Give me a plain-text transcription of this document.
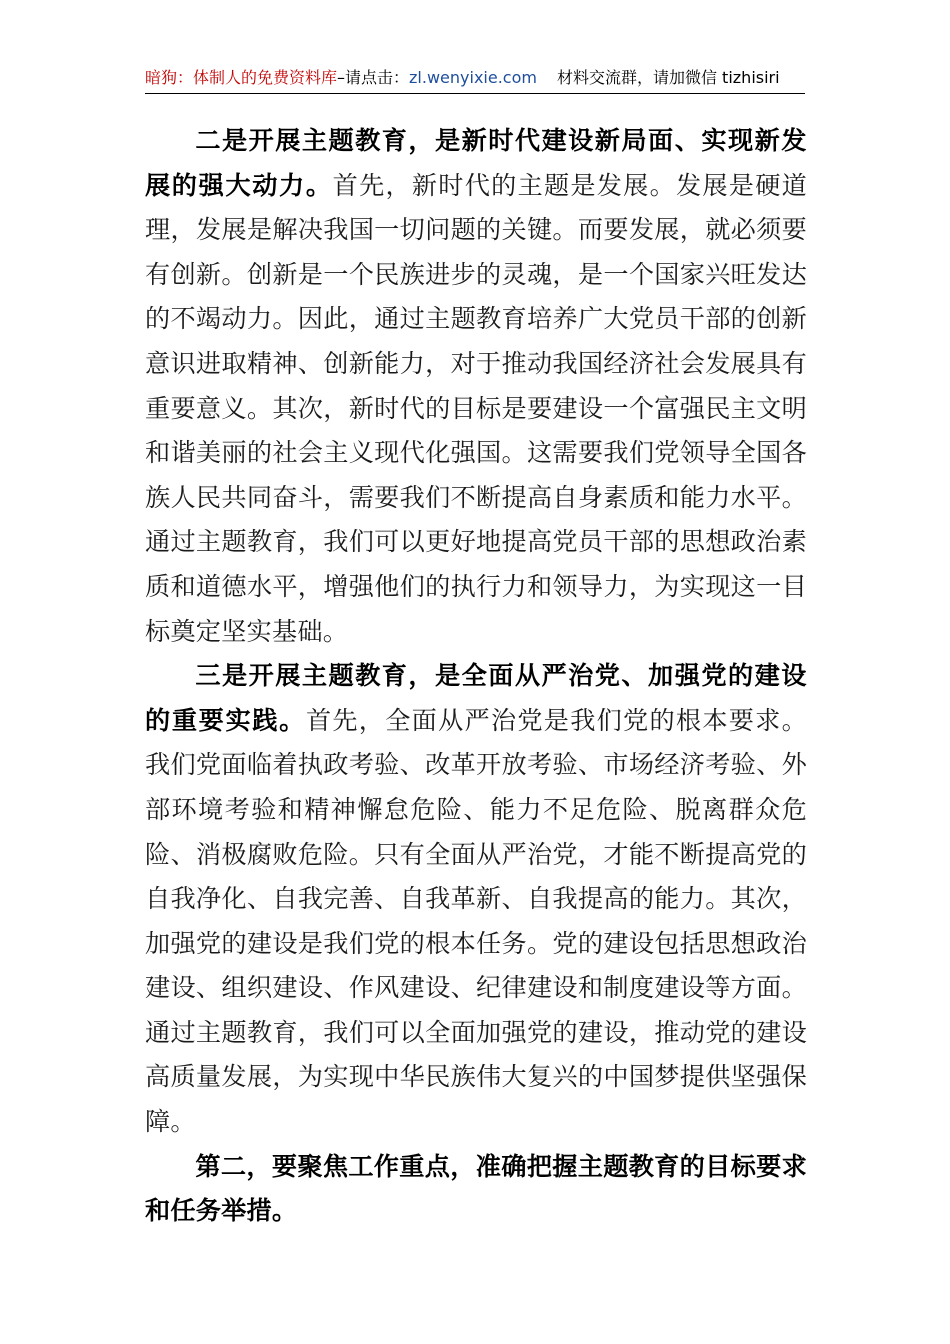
暗狗：体制人的免费资料库–请点击：zl.wenyixie.com 材料交流群，请加微信 tizhisiri

二是开展主题教育，是新时代建设新局面、实现新发展的强大动力。首先，新时代的主题是发展。发展是硬道理，发展是解决我国一切问题的关键。而要发展，就必须要有创新。创新是一个民族进步的灵魂，是一个国家兴旺发达的不竭动力。因此，通过主题教育培养广大党员干部的创新意识进取精神、创新能力，对于推动我国经济社会发展具有重要意义。其次，新时代的目标是要建设一个富强民主文明和谐美丽的社会主义现代化强国。这需要我们党领导全国各族人民共同奋斗，需要我们不断提高自身素质和能力水平。通过主题教育，我们可以更好地提高党员干部的思想政治素质和道德水平，增强他们的执行力和领导力，为实现这一目标奠定坚实基础。

三是开展主题教育，是全面从严治党、加强党的建设的重要实践。首先，全面从严治党是我们党的根本要求。我们党面临着执政考验、改革开放考验、市场经济考验、外部环境考验和精神懈怠危险、能力不足危险、脱离群众危险、消极腐败危险。只有全面从严治党，才能不断提高党的自我净化、自我完善、自我革新、自我提高的能力。其次，加强党的建设是我们党的根本任务。党的建设包括思想政治建设、组织建设、作风建设、纪律建设和制度建设等方面。通过主题教育，我们可以全面加强党的建设，推动党的建设高质量发展，为实现中华民族伟大复兴的中国梦提供坚强保障。

第二，要聚焦工作重点，准确把握主题教育的目标要求和任务举措。
